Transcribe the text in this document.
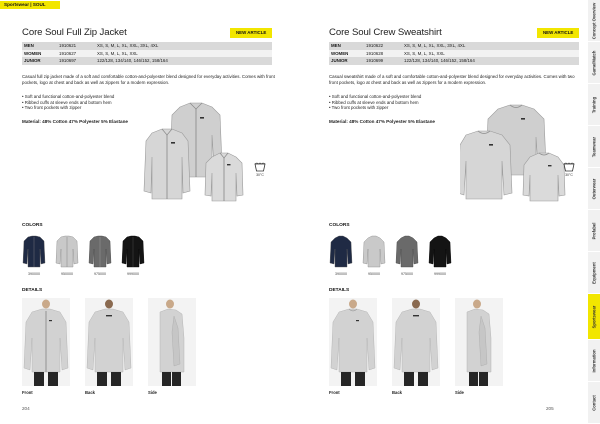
Sportswear | SOUL
Core Soul Full Zip Jacket	NEW ARTICLE
MEN	1910621	XS, S, M, L, XL, XXL, 3XL, 4XL
WOMEN	1910627	XS, S, M, L, XL, XXL
JUNIOR	1910697	122/128, 134/140, 146/152, 158/164
Casual full zip jacket made of a soft and comfortable cotton-and-polyester blend designed for everyday activities. Comes with front pockets, logo at chest and back as well as zippers for a modern expression.
• Soft and functional cotton-and-polyester blend
• Ribbed cuffs at sleeve ends and bottom hem
• Two front pockets with zipper
Material: 48% Cotton 47% Polyester 5% Elastane
30°C
COLORS
390000	950000	975000	999000
DETAILS
Front	Back	Side
204
Core Soul Crew Sweatshirt	NEW ARTICLE
MEN	1910622	XS, S, M, L, XL, XXL, 3XL, 4XL
WOMEN	1910628	XS, S, M, L, XL, XXL
JUNIOR	1910699	122/128, 134/140, 146/152, 158/164
Casual sweatshirt made of a soft and comfortable cotton-and-polyester blend designed for everyday activities. Comes with two front pockets, logo at chest and back as well as zippers for a modern expression.
• Soft and functional cotton-and-polyester blend
• Ribbed cuffs at sleeve ends and bottom hem
• Two front pockets with zipper
Material: 48% Cotton 47% Polyester 5% Elastane
30°C
COLORS
390000	950000	975000	999000
DETAILS
Front	Back	Side
205
Concept Overview
Game/Match
Training
Teamwear
Outerwear
Profabel
Equipment
Sportswear
Information
Contact
